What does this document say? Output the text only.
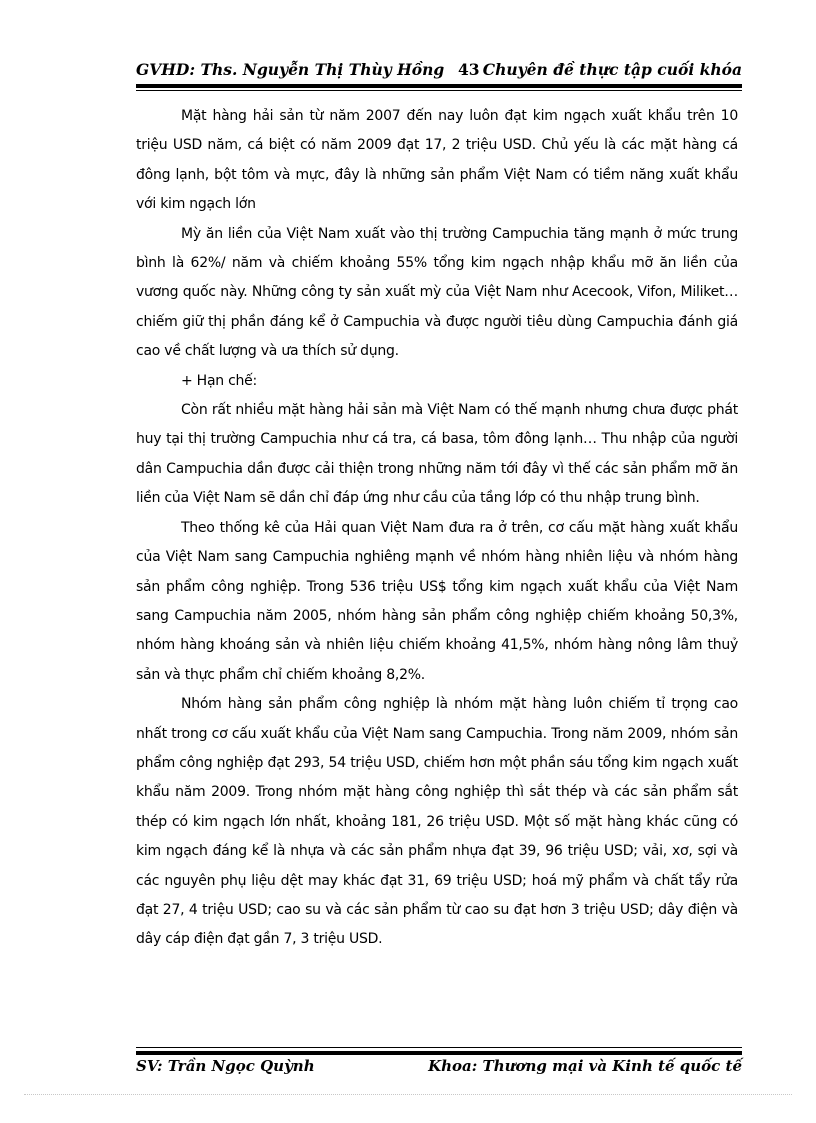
GVHD: Ths. Nguyễn Thị Thùy Hồng 43 Chuyên đề thực tập cuối khóa

Mặt hàng hải sản từ năm 2007 đến nay luôn đạt kim ngạch xuất khẩu trên 10 triệu USD năm, cá biệt có năm 2009 đạt 17, 2 triệu USD. Chủ yếu là các mặt hàng cá đông lạnh, bột tôm và mực, đây là những sản phẩm Việt Nam có tiềm năng xuất khẩu với kim ngạch lớn

Mỳ ăn liền của Việt Nam xuất vào thị trường Campuchia tăng mạnh ở mức trung bình là 62%/ năm và chiếm khoảng 55% tổng kim ngạch nhập khẩu mỡ ăn liền của vương quốc này. Những công ty sản xuất mỳ của Việt Nam như Acecook, Vifon, Miliket… chiếm giữ thị phần đáng kể ở Campuchia và được người tiêu dùng Campuchia đánh giá cao về chất lượng và ưa thích sử dụng.

+ Hạn chế:

Còn rất nhiều mặt hàng hải sản mà Việt Nam có thế mạnh nhưng chưa được phát huy tại thị trường Campuchia như cá tra, cá basa, tôm đông lạnh… Thu nhập của người dân Campuchia dần được cải thiện trong những năm tới đây vì thế các sản phẩm mỡ ăn liền của Việt Nam sẽ dần chỉ đáp ứng như cầu của tầng lớp có thu nhập trung bình.

Theo thống kê của Hải quan Việt Nam đưa ra ở trên, cơ cấu mặt hàng xuất khẩu của Việt Nam sang Campuchia nghiêng mạnh về nhóm hàng nhiên liệu và nhóm hàng sản phẩm công nghiệp. Trong 536 triệu US$ tổng kim ngạch xuất khẩu của Việt Nam sang Campuchia năm 2005, nhóm hàng sản phẩm công nghiệp chiếm khoảng 50,3%, nhóm hàng khoáng sản và nhiên liệu chiếm khoảng 41,5%, nhóm hàng nông lâm thuỷ sản và thực phẩm chỉ chiếm khoảng 8,2%.

Nhóm hàng sản phẩm công nghiệp là nhóm mặt hàng luôn chiếm tỉ trọng cao nhất trong cơ cấu xuất khẩu của Việt Nam sang Campuchia. Trong năm 2009, nhóm sản phẩm công nghiệp đạt 293, 54 triệu USD, chiếm hơn một phần sáu tổng kim ngạch xuất khẩu năm 2009. Trong nhóm mặt hàng công nghiệp thì sắt thép và các sản phẩm sắt thép có kim ngạch lớn nhất, khoảng 181, 26 triệu USD. Một số mặt hàng khác cũng có kim ngạch đáng kể là nhựa và các sản phẩm nhựa đạt 39, 96 triệu USD; vải, xơ, sợi và các nguyên phụ liệu dệt may khác đạt 31, 69 triệu USD; hoá mỹ phẩm và chất tẩy rửa đạt 27, 4 triệu USD; cao su và các sản phẩm từ cao su đạt hơn 3 triệu USD; dây điện và dây cáp điện đạt gần 7, 3 triệu USD.

SV: Trần Ngọc Quỳnh	Khoa: Thương mại và Kinh tế quốc tế
